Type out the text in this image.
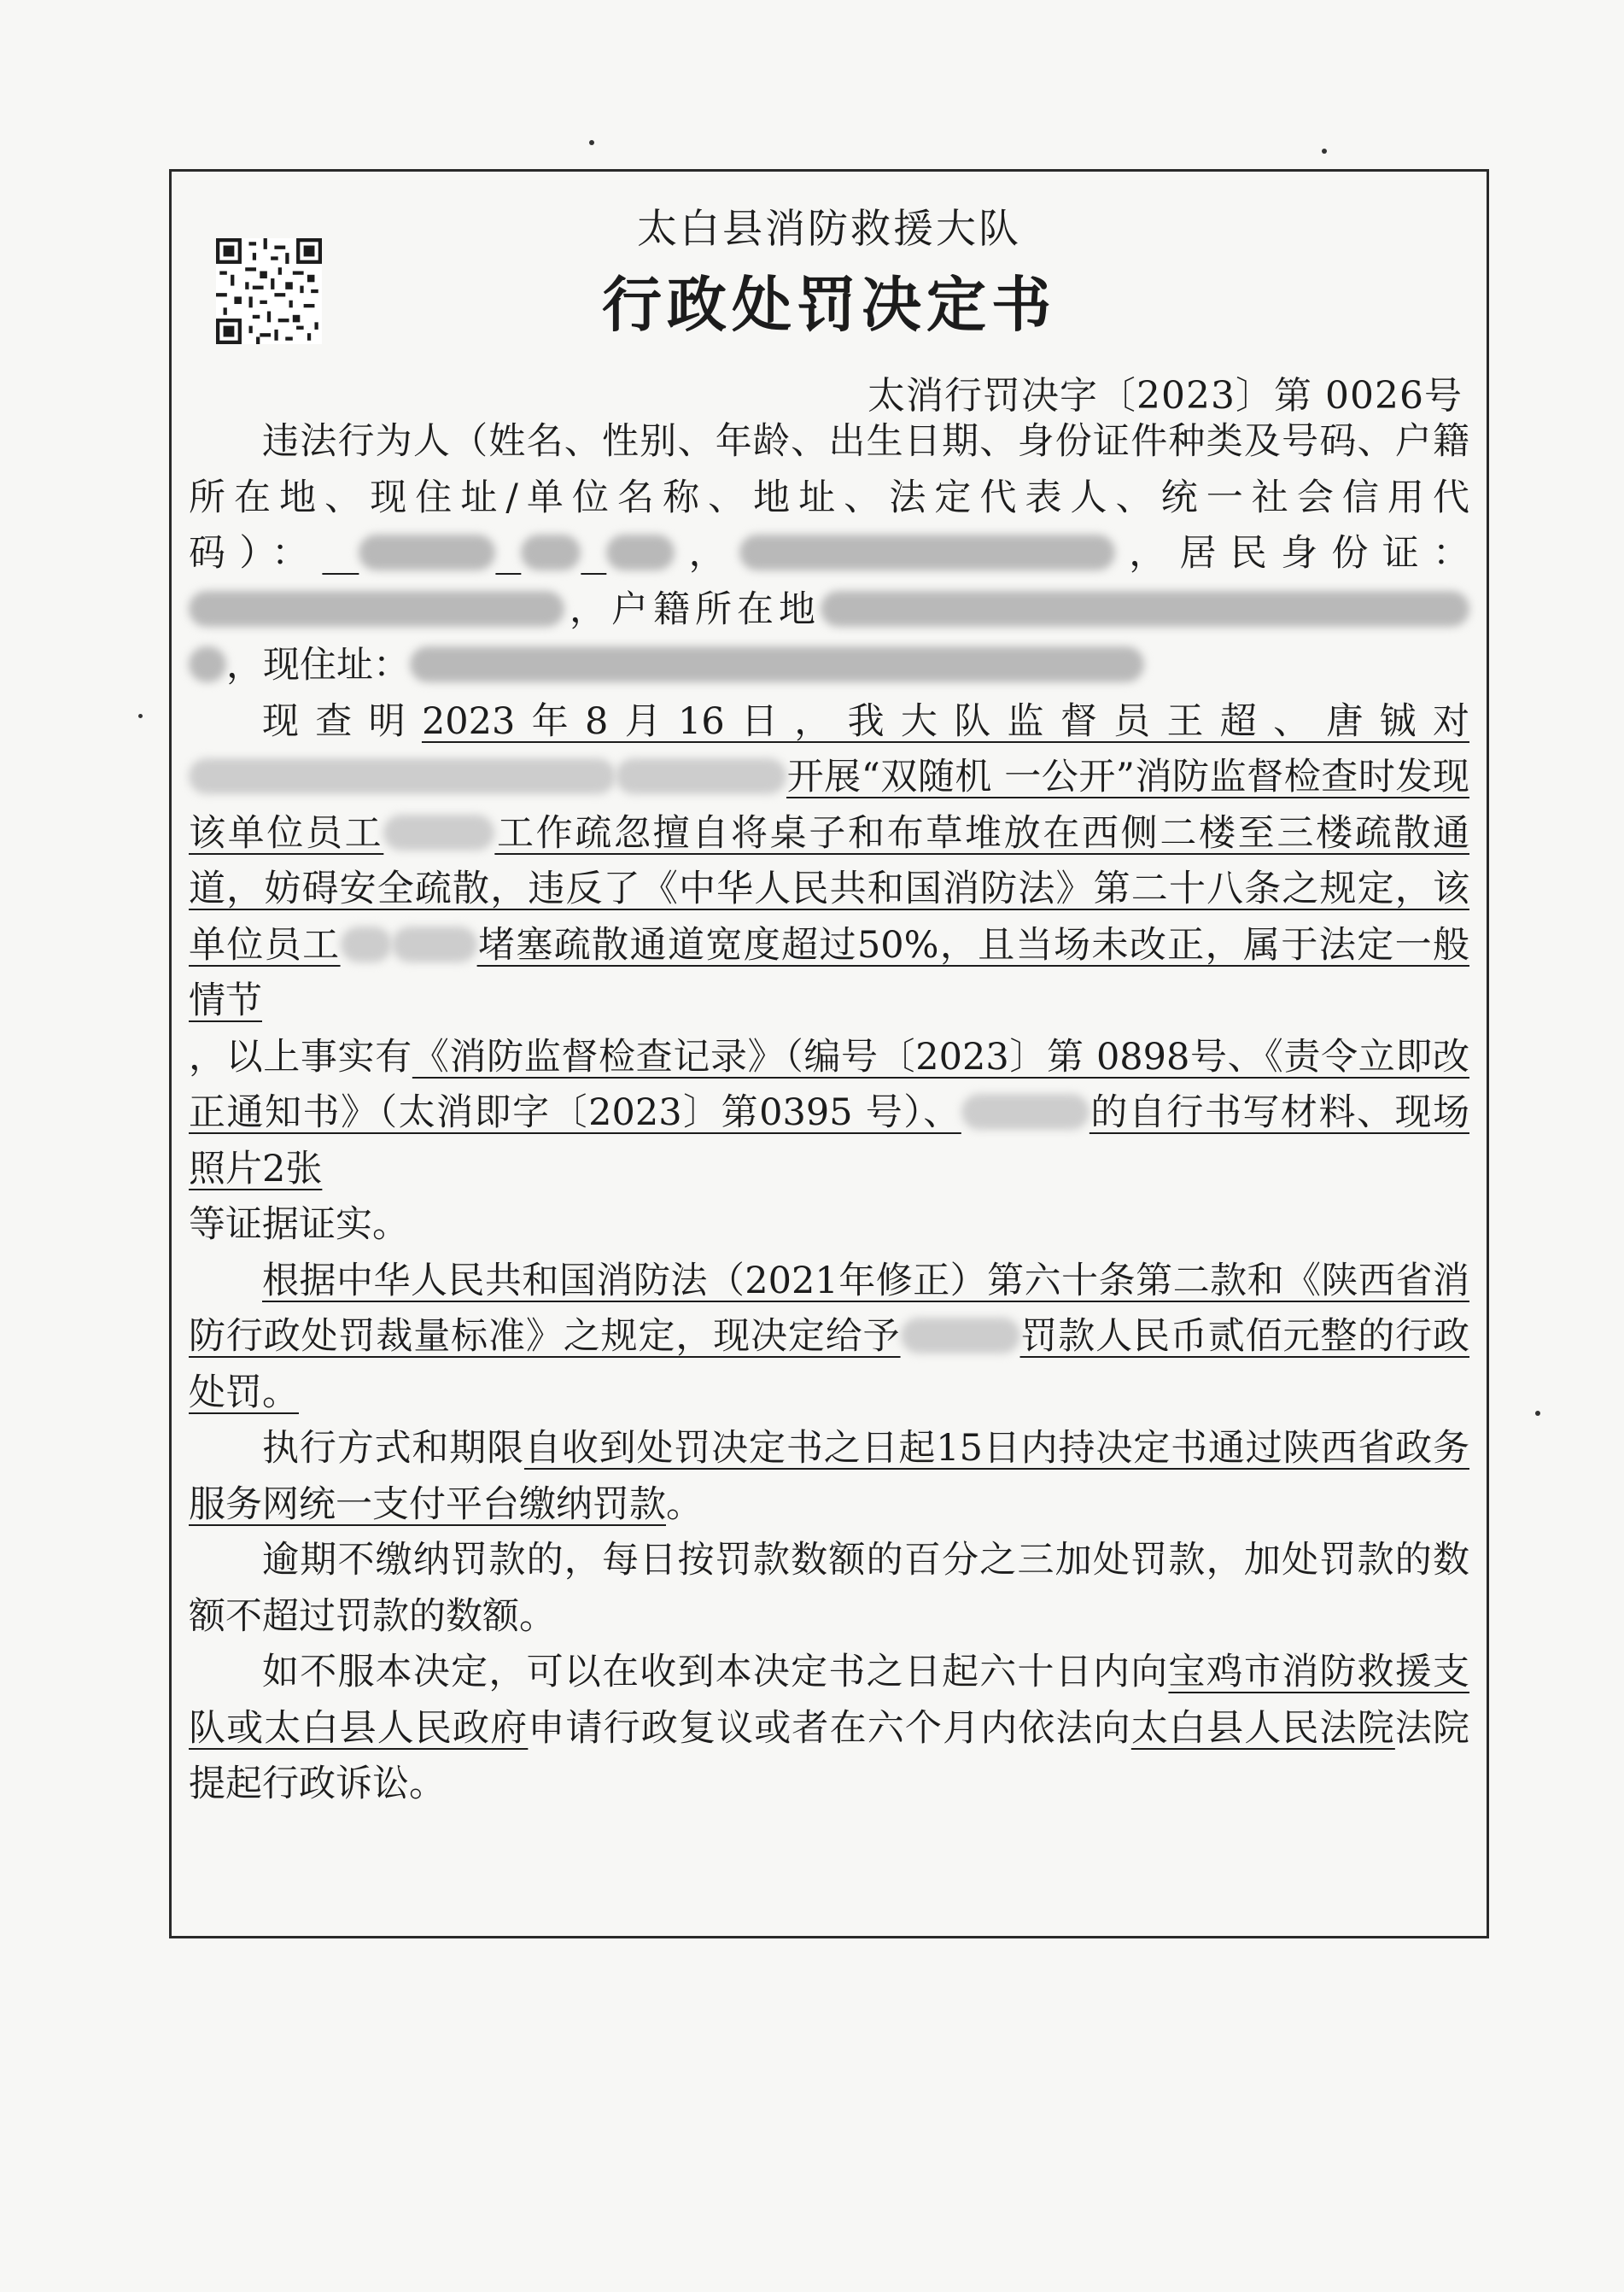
太白县消防救援大队
行政处罚决定书
太消行罚决字〔2023〕第 0026号

违法行为人（姓名、性别、年龄、出生日期、身份证件种类及号码、户籍所在地、现住址/单位名称、地址、法定代表人、统一社会信用代码）： 	，	，居民身份证：，户籍所在地 ，现住址：

现查明2023年8月16日，我大队监督员王超、唐铖对开展“双随机 一公开”消防监督检查时发现该单位员工	工作疏忽擅自将桌子和布草堆放在西侧二楼至三楼疏散通道，妨碍安全疏散，违反了《中华人民共和国消防法》第二十八条之规定，该单位员工	堵塞疏散通道宽度超过50%，且当场未改正，属于法定一般情节
，以上事实有《消防监督检查记录》（编号〔2023〕第 0898号、《责令立即改正通知书》（太消即字〔2023〕第0395 号）、	的自行书写材料、现场照片2张
等证据证实。

根据中华人民共和国消防法（2021年修正）第六十条第二款和《陕西省消防行政处罚裁量标准》之规定，现决定给予	罚款人民币贰佰元整的行政处罚。

执行方式和期限自收到处罚决定书之日起15日内持决定书通过陕西省政务服务网统一支付平台缴纳罚款。

逾期不缴纳罚款的，每日按罚款数额的百分之三加处罚款，加处罚款的数额不超过罚款的数额。

如不服本决定，可以在收到本决定书之日起六十日内向宝鸡市消防救援支队或太白县人民政府申请行政复议或者在六个月内依法向太白县人民法院法院提起行政诉讼。
